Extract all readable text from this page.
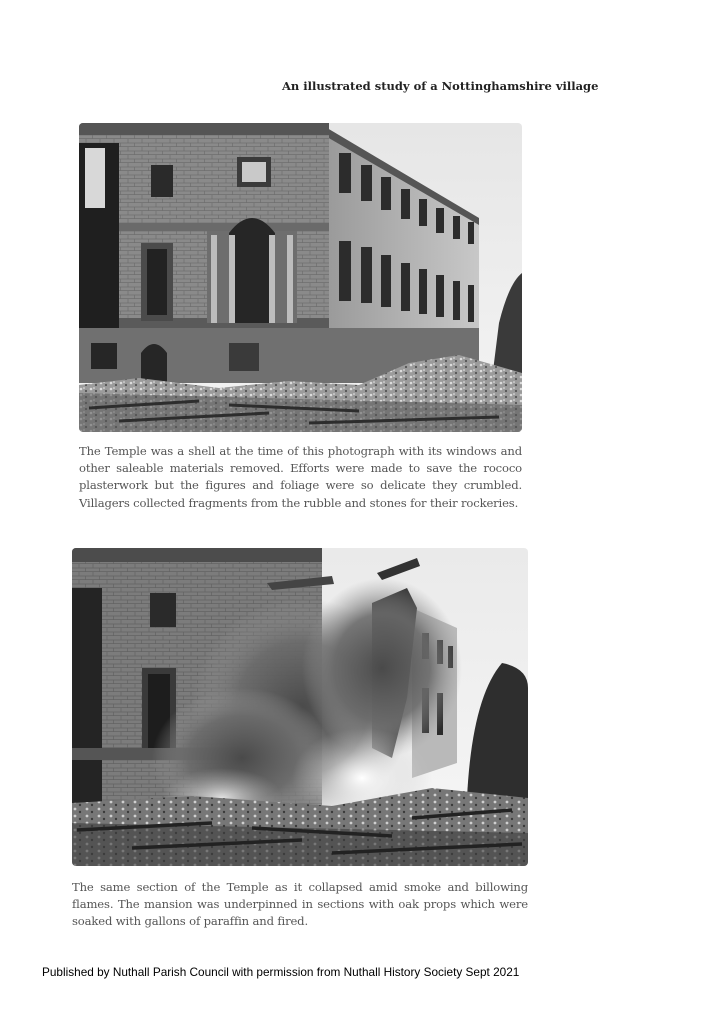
An illustrated study of a Nottinghamshire village
The Temple was a shell at the time of this photograph with its windows and other saleable materials removed. Efforts were made to save the rococo plasterwork but the figures and foliage were so delicate they crumbled. Villagers collected fragments from the rubble and stones for their rockeries.
The same section of the Temple as it collapsed amid smoke and billowing flames. The mansion was underpinned in sections with oak props which were soaked with gallons of paraffin and fired.
Published by Nuthall Parish Council with permission from Nuthall History Society Sept 2021
